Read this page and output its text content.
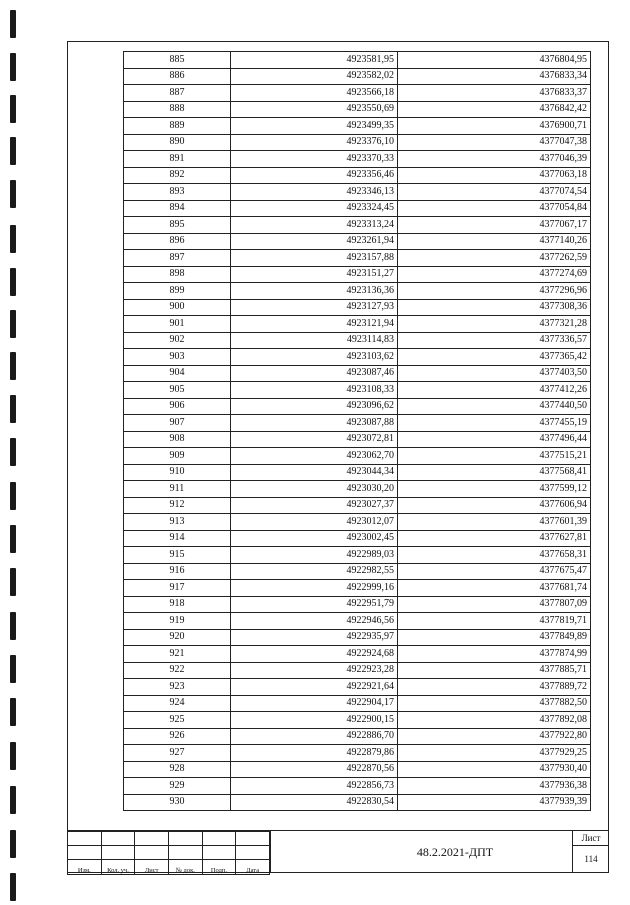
885	4923581,95	4376804,95
886	4923582,02	4376833,34
887	4923566,18	4376833,37
888	4923550,69	4376842,42
889	4923499,35	4376900,71
890	4923376,10	4377047,38
891	4923370,33	4377046,39
892	4923356,46	4377063,18
893	4923346,13	4377074,54
894	4923324,45	4377054,84
895	4923313,24	4377067,17
896	4923261,94	4377140,26
897	4923157,88	4377262,59
898	4923151,27	4377274,69
899	4923136,36	4377296,96
900	4923127,93	4377308,36
901	4923121,94	4377321,28
902	4923114,83	4377336,57
903	4923103,62	4377365,42
904	4923087,46	4377403,50
905	4923108,33	4377412,26
906	4923096,62	4377440,50
907	4923087,88	4377455,19
908	4923072,81	4377496,44
909	4923062,70	4377515,21
910	4923044,34	4377568,41
911	4923030,20	4377599,12
912	4923027,37	4377606,94
913	4923012,07	4377601,39
914	4923002,45	4377627,81
915	4922989,03	4377658,31
916	4922982,55	4377675,47
917	4922999,16	4377681,74
918	4922951,79	4377807,09
919	4922946,56	4377819,71
920	4922935,97	4377849,89
921	4922924,68	4377874,99
922	4922923,28	4377885,71
923	4922921,64	4377889,72
924	4922904,17	4377882,50
925	4922900,15	4377892,08
926	4922886,70	4377922,80
927	4922879,86	4377929,25
928	4922870,56	4377930,40
929	4922856,73	4377936,38
930	4922830,54	4377939,39

Изм.	Кол. уч.	Лист	№ док.	Подп.	Дата
48.2.2021-ДПТ
Лист
114
